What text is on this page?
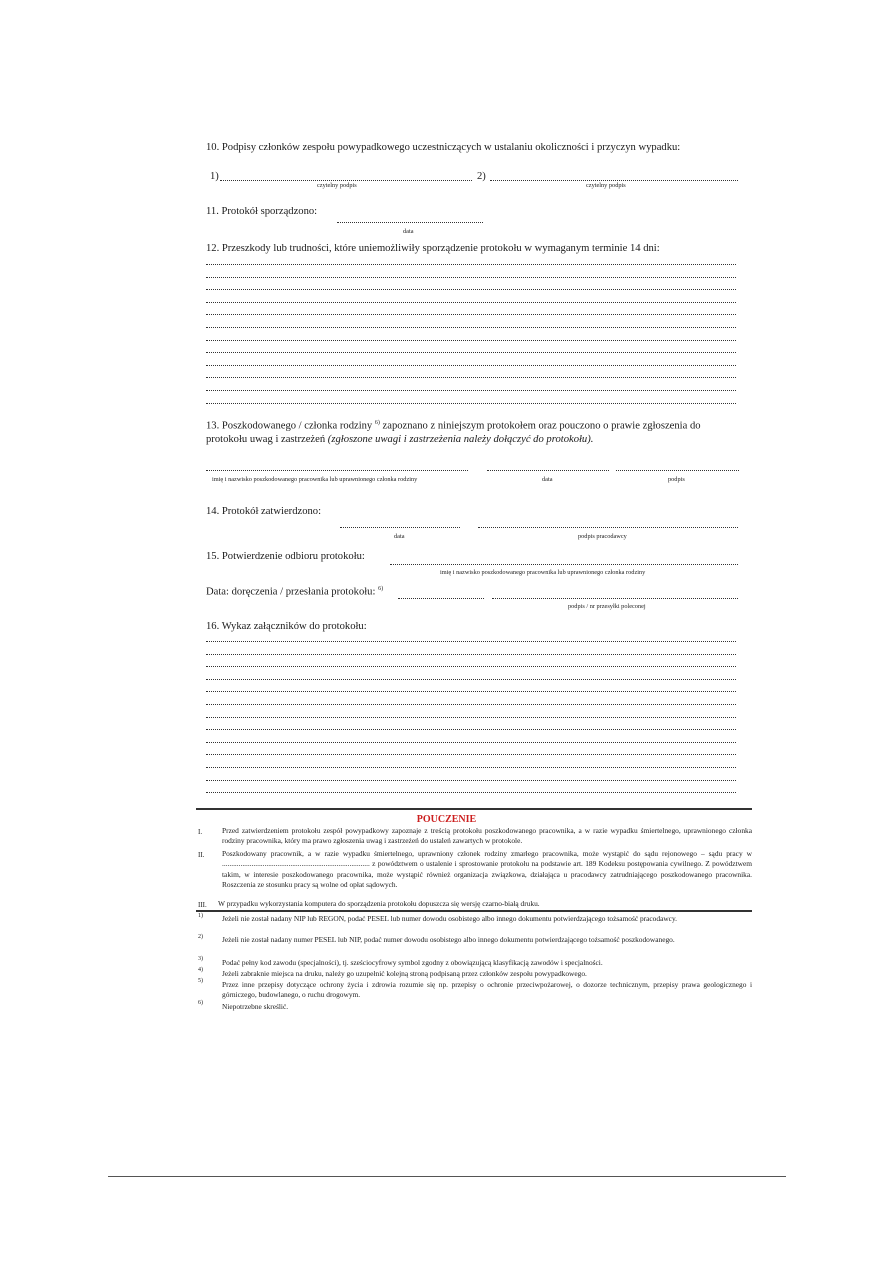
10. Podpisy członków zespołu powypadkowego uczestniczących w ustalaniu okoliczności i przyczyn wypadku:
1)	2)
czytelny podpis	czytelny podpis
11. Protokół sporządzono:
data
12. Przeszkody lub trudności, które uniemożliwiły sporządzenie protokołu w wymaganym terminie 14 dni:
13. Poszkodowanego / członka rodziny $^{6)}$ zapoznano z niniejszym protokołem oraz pouczono o prawie zgłoszenia do
protokołu uwag i zastrzeżeń (zgłoszone uwagi i zastrzeżenia należy dołączyć do protokołu).
imię i nazwisko poszkodowanego pracownika lub uprawnionego członka rodziny	data	podpis
14. Protokół zatwierdzono:
data	podpis pracodawcy
15. Potwierdzenie odbioru protokołu:
imię i nazwisko poszkodowanego pracownika lub uprawnionego członka rodziny
Data: doręczenia / przesłania protokołu: $^{6)}$
podpis / nr przesyłki poleconej
16. Wykaz załączników do protokołu:
POUCZENIE
I.	Przed zatwierdzeniem protokołu zespół powypadkowy zapoznaje z treścią protokołu poszkodowanego pracownika, a w razie wypadku śmiertelnego, uprawnionego członka rodziny pracownika, który ma prawo zgłoszenia uwag i zastrzeżeń do ustaleń zawartych w protokole.
II. Poszkodowany pracownik, a w razie wypadku śmiertelnego, uprawniony członek rodziny zmarłego pracownika, może wystąpić do sądu rejonowego – sądu pracy w ................................................................................ z powództwem o ustalenie i sprostowanie protokołu na podstawie art. 189 Kodeksu postępowania cywilnego. Z powództwem takim, w interesie poszkodowanego pracownika, może wystąpić również organizacja związkowa, działająca u pracodawcy zatrudniającego poszkodowanego pracownika. Roszczenia ze stosunku pracy są wolne od opłat sądowych.
III. W przypadku wykorzystania komputera do sporządzenia protokołu dopuszcza się wersję czarno-białą druku.
1)	Jeżeli nie został nadany NIP lub REGON, podać PESEL lub numer dowodu osobistego albo innego dokumentu potwierdzającego tożsamość pracodawcy.
2)	Jeżeli nie został nadany numer PESEL lub NIP, podać numer dowodu osobistego albo innego dokumentu potwierdzającego tożsamość poszkodowanego.
3)	Podać pełny kod zawodu (specjalności), tj. sześciocyfrowy symbol zgodny z obowiązującą klasyfikacją zawodów i specjalności.
4)	Jeżeli zabraknie miejsca na druku, należy go uzupełnić kolejną stroną podpisaną przez członków zespołu powypadkowego.
5)	Przez inne przepisy dotyczące ochrony życia i zdrowia rozumie się np. przepisy o ochronie przeciwpożarowej, o dozorze technicznym, przepisy prawa geologicznego i górniczego, budowlanego, o ruchu drogowym.
6)	Niepotrzebne skreślić.
